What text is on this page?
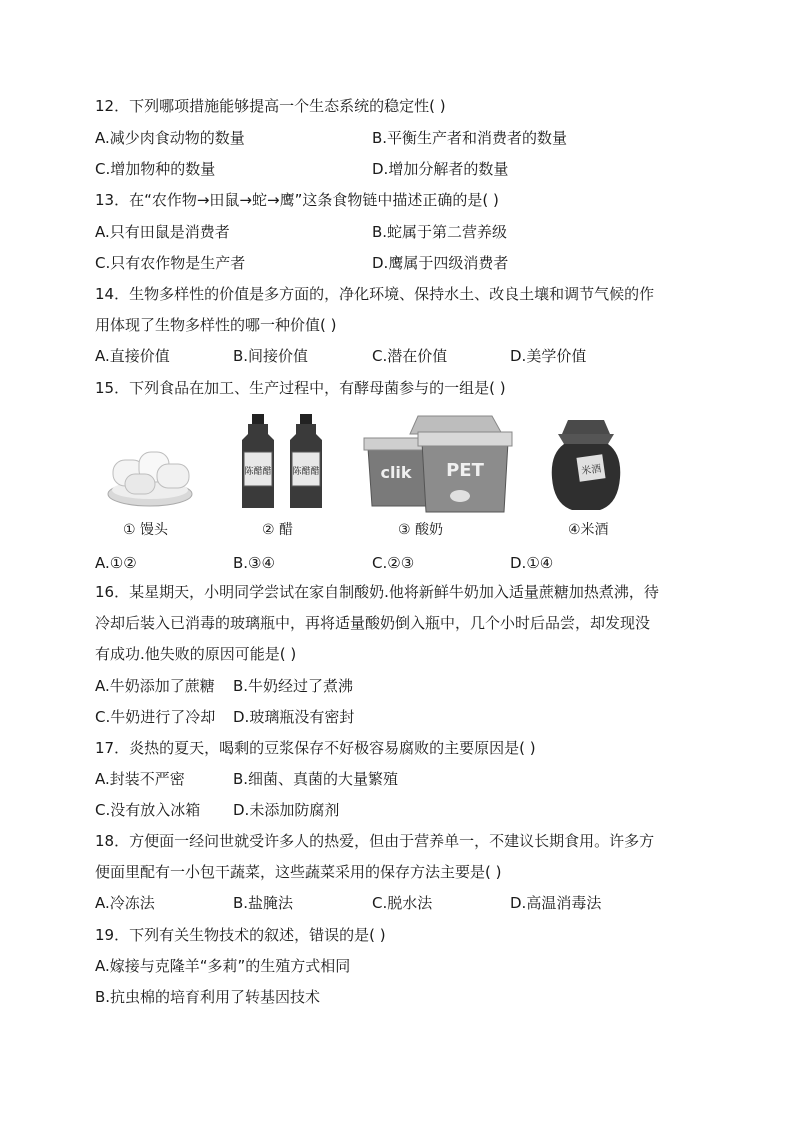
12．下列哪项措施能够提高一个生态系统的稳定性( )
A.减少肉食动物的数量	B.平衡生产者和消费者的数量
C.增加物种的数量	D.增加分解者的数量
13．在“农作物→田鼠→蛇→鹰”这条食物链中描述正确的是( )
A.只有田鼠是消费者	B.蛇属于第二营养级
C.只有农作物是生产者	D.鹰属于四级消费者
14．生物多样性的价值是多方面的，净化环境、保持水土、改良土壤和调节气候的作
用体现了生物多样性的哪一种价值( )
A.直接价值	B.间接价值	C.潜在价值	D.美学价值
15．下列食品在加工、生产过程中，有酵母菌参与的一组是( )
陈醋醋 陈醋醋	PET
clik	米酒
① 馒头	② 醋	③ 酸奶	④米酒
A.①②	B.③④	C.②③	D.①④
16．某星期天，小明同学尝试在家自制酸奶.他将新鲜牛奶加入适量蔗糖加热煮沸，待
冷却后装入已消毒的玻璃瓶中，再将适量酸奶倒入瓶中，几个小时后品尝，却发现没
有成功.他失败的原因可能是( )
A.牛奶添加了蔗糖 B.牛奶经过了煮沸
C.牛奶进行了冷却 D.玻璃瓶没有密封
17．炎热的夏天，喝剩的豆浆保存不好极容易腐败的主要原因是( )
A.封装不严密	B.细菌、真菌的大量繁殖
C.没有放入冰箱 D.未添加防腐剂
18．方便面一经问世就受许多人的热爱，但由于营养单一，不建议长期食用。许多方
便面里配有一小包干蔬菜，这些蔬菜采用的保存方法主要是( )
A.冷冻法	B.盐腌法	C.脱水法	D.高温消毒法
19．下列有关生物技术的叙述，错误的是( )
A.嫁接与克隆羊“多莉”的生殖方式相同
B.抗虫棉的培育利用了转基因技术
